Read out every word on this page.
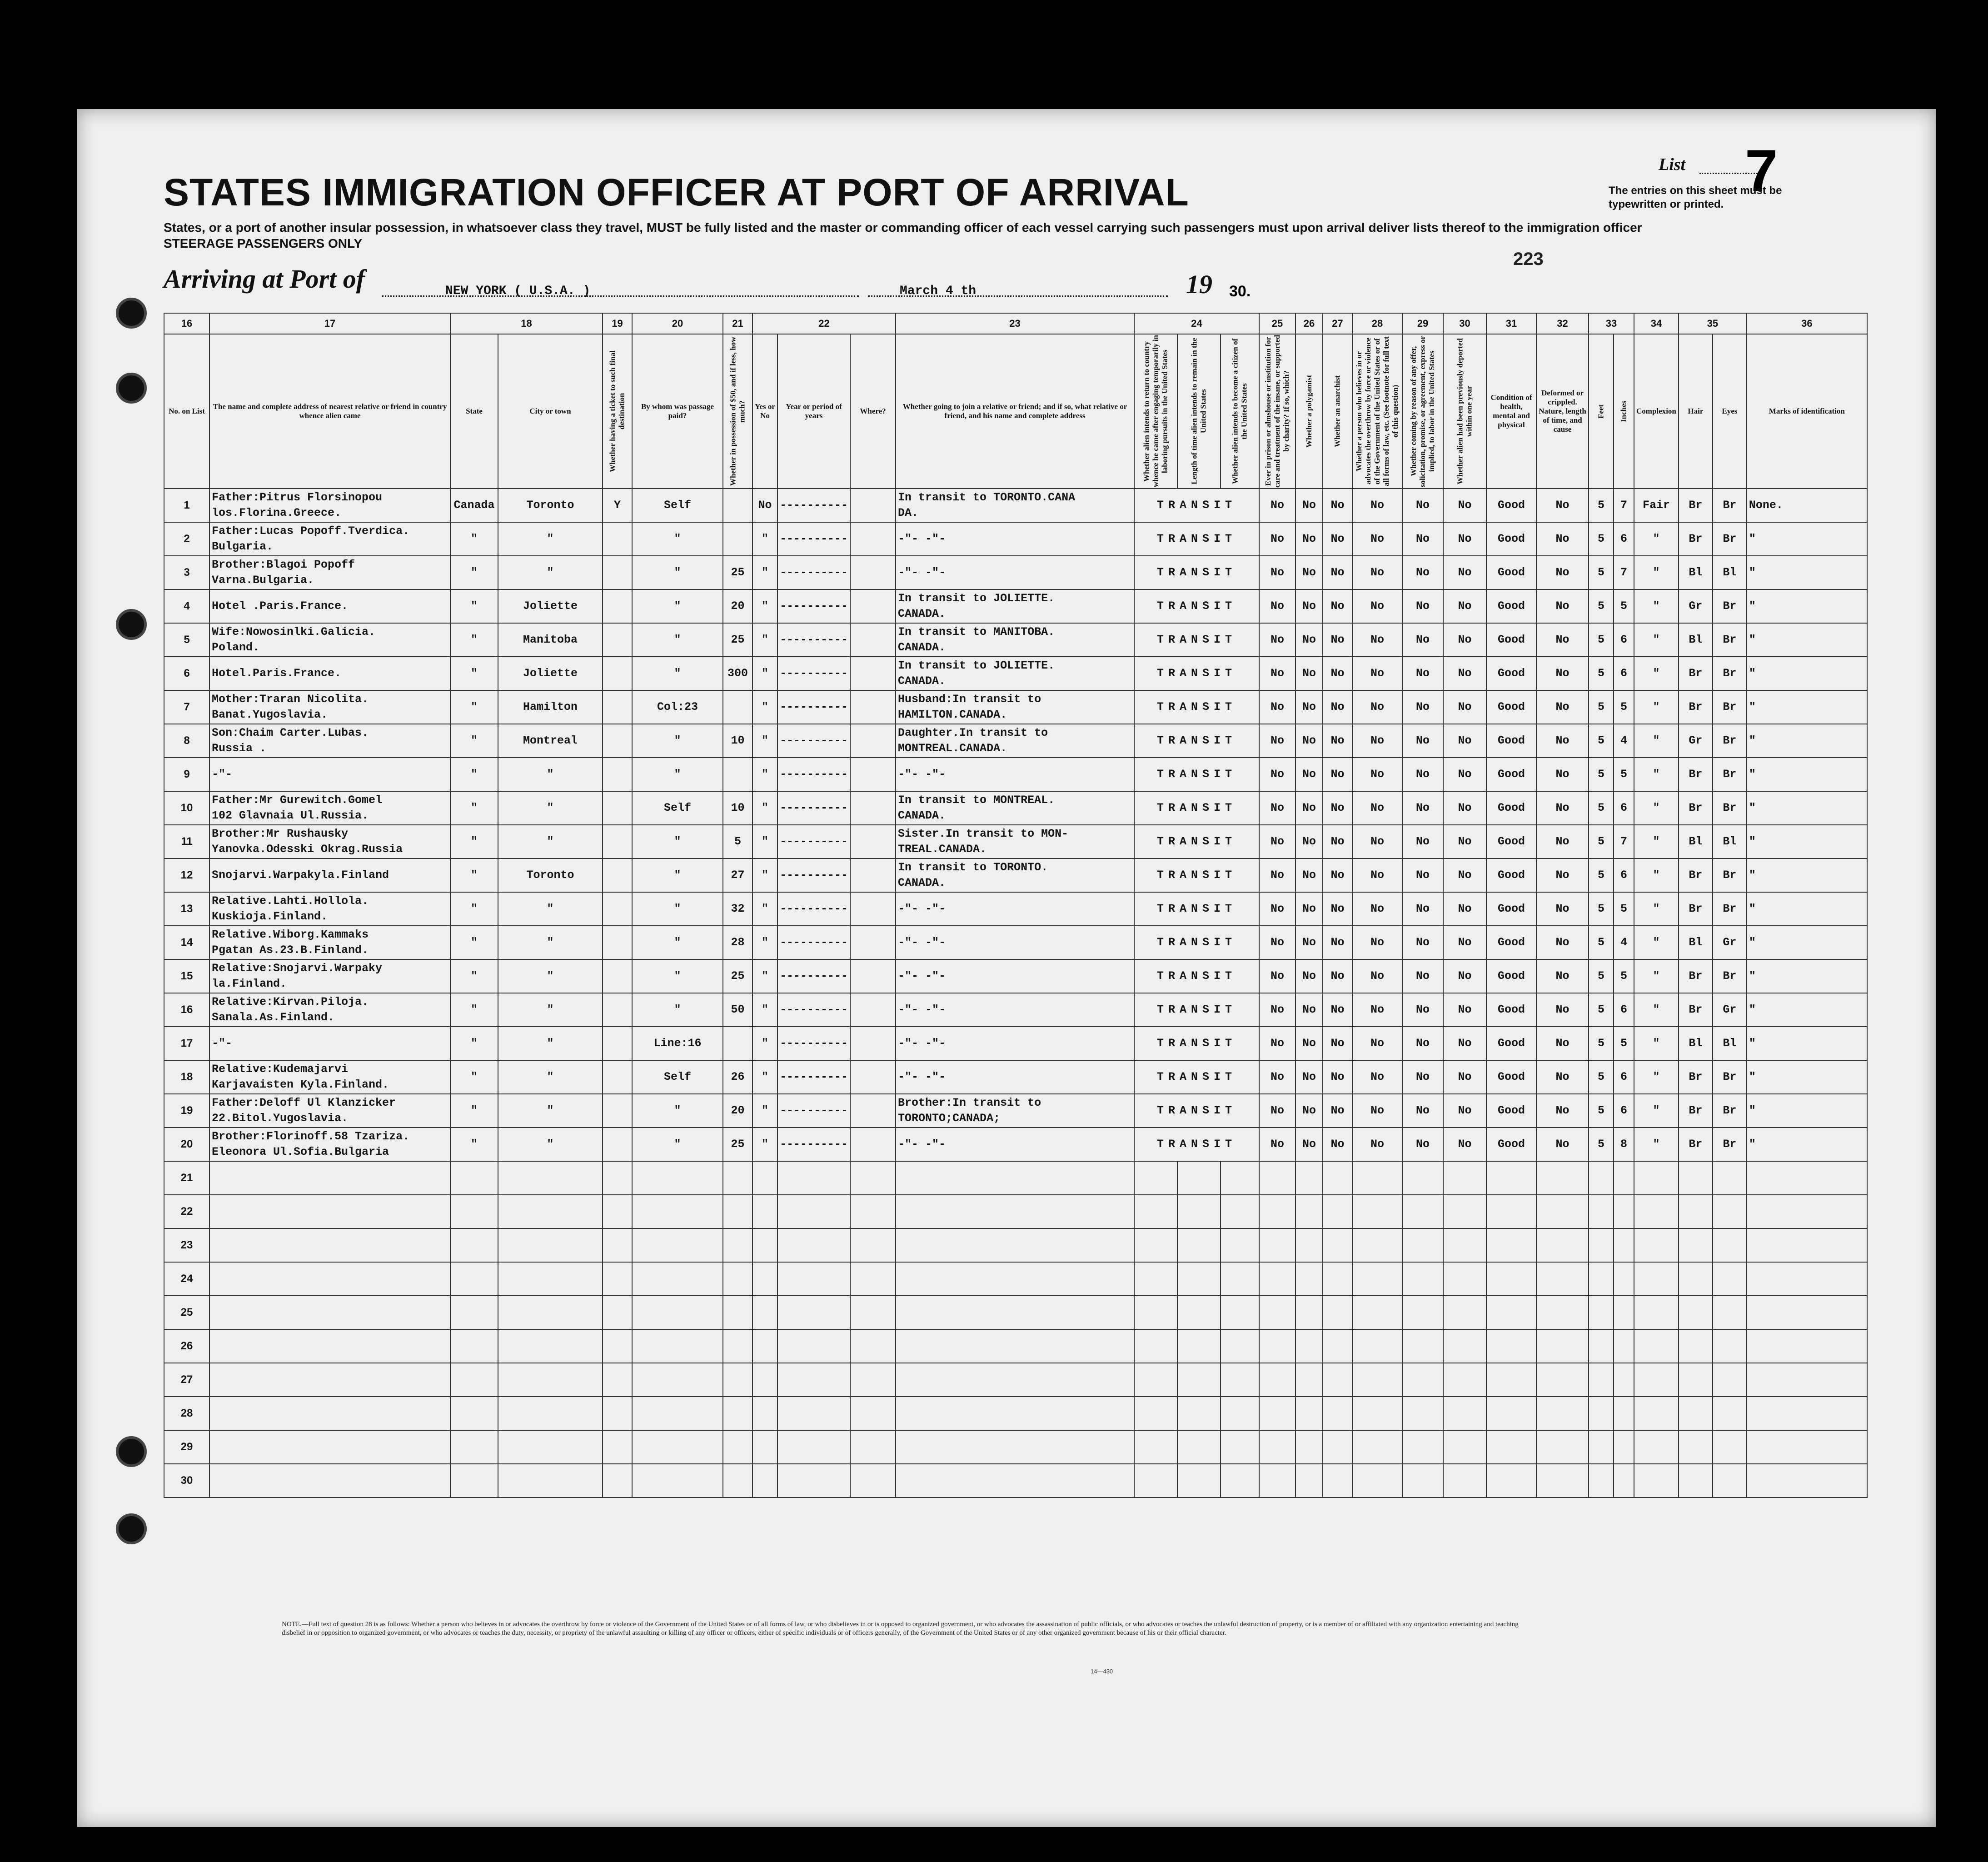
STATES IMMIGRATION OFFICER AT PORT OF ARRIVAL
States, or a port of another insular possession, in whatsoever class they travel, MUST be fully listed and the master or commanding officer of each vessel carrying such passengers must upon arrival deliver lists thereof to the immigration officer
STEERAGE PASSENGERS ONLY
Arriving at Port of	NEW YORK ( U.S.A. )	March 4 th	19 30.
List 7
The entries on this sheet must be typewritten or printed.
223
16	17	18		19	20	21	22			23	24			25	26	27	28	29	30	31	32	33		34	35		36
No. on List	The name and complete address of nearest relative or friend in country whence alien came	State	City or town	Whether having a ticket to such final destination	By whom was passage paid?	Whether in possession of $50, and if less, how much?	Yes or No	Year or period of years	Where?	Whether going to join a relative or friend; and if so, what relative or friend, and his name and complete address	Whether alien intends to return to country whence he came after engaging temporarily in laboring pursuits in the United States	Length of time alien intends to remain in the United States	Whether alien intends to become a citizen of the United States	Ever in prison or almshouse or institution for care and treatment of the insane, or supported by charity? If so, which?	Whether a polygamist	Whether an anarchist	Whether a person who believes in or advocates the overthrow by force or violence of the Government of the United States or of all forms of law, etc. (See footnote for full text of this question)	Whether coming by reason of any offer, solicitation, promise, or agreement, express or implied, to labor in the United States	Whether alien had been previously deported within one year	Condition of health, mental and physical	Deformed or crippled. Nature, length of time, and cause	Feet	Inches	Complexion	Hair	Eyes	Marks of identification
1	Father:Pitrus Florsinopou
los.Florina.Greece.	Canada	Toronto	Y	Self		No	----------		In transit to TORONTO.CANA
DA.	TRANSIT			No	No	No	No	No	No	Good	No	5	7	Fair	Br	Br	None.
2	Father:Lucas Popoff.Tverdica.
Bulgaria.	"	"		"		"	----------		-"- -"-	TRANSIT			No	No	No	No	No	No	Good	No	5	6	"	Br	Br	"
3	Brother:Blagoi Popoff
Varna.Bulgaria.	"	"		"	25	"	----------		-"- -"-	TRANSIT			No	No	No	No	No	No	Good	No	5	7	"	Bl	Bl	"
4	Hotel .Paris.France.	"	Joliette		"	20	"	----------		In transit to JOLIETTE.
CANADA.	TRANSIT			No	No	No	No	No	No	Good	No	5	5	"	Gr	Br	"
5	Wife:Nowosinlki.Galicia.
Poland.	"	Manitoba		"	25	"	----------		In transit to MANITOBA.
CANADA.	TRANSIT			No	No	No	No	No	No	Good	No	5	6	"	Bl	Br	"
6	Hotel.Paris.France.	"	Joliette		"	300	"	----------		In transit to JOLIETTE.
CANADA.	TRANSIT			No	No	No	No	No	No	Good	No	5	6	"	Br	Br	"
7	Mother:Traran Nicolita.
Banat.Yugoslavia.	"	Hamilton		Col:23		"	----------		Husband:In transit to
HAMILTON.CANADA.	TRANSIT			No	No	No	No	No	No	Good	No	5	5	"	Br	Br	"
8	Son:Chaim Carter.Lubas.
Russia .	"	Montreal		"	10	"	----------		Daughter.In transit to
MONTREAL.CANADA.	TRANSIT			No	No	No	No	No	No	Good	No	5	4	"	Gr	Br	"
9	-"-	"	"		"		"	----------		-"- -"-	TRANSIT			No	No	No	No	No	No	Good	No	5	5	"	Br	Br	"
10	Father:Mr Gurewitch.Gomel
102 Glavnaia Ul.Russia.	"	"		Self	10	"	----------		In transit to MONTREAL.
CANADA.	TRANSIT			No	No	No	No	No	No	Good	No	5	6	"	Br	Br	"
11	Brother:Mr Rushausky
Yanovka.Odesski Okrag.Russia	"	"		"	5	"	----------		Sister.In transit to MON-
TREAL.CANADA.	TRANSIT			No	No	No	No	No	No	Good	No	5	7	"	Bl	Bl	"
12	Snojarvi.Warpakyla.Finland	"	Toronto		"	27	"	----------		In transit to TORONTO.
CANADA.	TRANSIT			No	No	No	No	No	No	Good	No	5	6	"	Br	Br	"
13	Relative.Lahti.Hollola.
Kuskioja.Finland.	"	"		"	32	"	----------		-"- -"-	TRANSIT			No	No	No	No	No	No	Good	No	5	5	"	Br	Br	"
14	Relative.Wiborg.Kammaks
Pgatan As.23.B.Finland.	"	"		"	28	"	----------		-"- -"-	TRANSIT			No	No	No	No	No	No	Good	No	5	4	"	Bl	Gr	"
15	Relative:Snojarvi.Warpaky
la.Finland.	"	"		"	25	"	----------		-"- -"-	TRANSIT			No	No	No	No	No	No	Good	No	5	5	"	Br	Br	"
16	Relative:Kirvan.Piloja.
Sanala.As.Finland.	"	"		"	50	"	----------		-"- -"-	TRANSIT			No	No	No	No	No	No	Good	No	5	6	"	Br	Gr	"
17	-"-	"	"		Line:16		"	----------		-"- -"-	TRANSIT			No	No	No	No	No	No	Good	No	5	5	"	Bl	Bl	"
18	Relative:Kudemajarvi
Karjavaisten Kyla.Finland.	"	"		Self	26	"	----------		-"- -"-	TRANSIT			No	No	No	No	No	No	Good	No	5	6	"	Br	Br	"
19	Father:Deloff Ul Klanzicker
22.Bitol.Yugoslavia.	"	"		"	20	"	----------		Brother:In transit to
TORONTO;CANADA;	TRANSIT			No	No	No	No	No	No	Good	No	5	6	"	Br	Br	"
20	Brother:Florinoff.58 Tzariza.
Eleonora Ul.Sofia.Bulgaria	"	"		"	25	"	----------		-"- -"-	TRANSIT			No	No	No	No	No	No	Good	No	5	8	"	Br	Br	"
21																											
22																											
23																											
24																											
25																											
26																											
27																											
28																											
29																											
30																											
NOTE.—Full text of question 28 is as follows: Whether a person who believes in or advocates the overthrow by force or violence of the Government of the United States or of all forms of law, or who disbelieves in or is opposed to organized government, or who advocates the assassination of public officials, or who advocates or teaches the unlawful destruction of property, or is a member of or affiliated with any organization entertaining and teaching disbelief in or opposition to organized government, or who advocates or teaches the duty, necessity, or propriety of the unlawful assaulting or killing of any officer or officers, either of specific individuals or of officers generally, of the Government of the United States or of any other organized government because of his or their official character.
14—430
